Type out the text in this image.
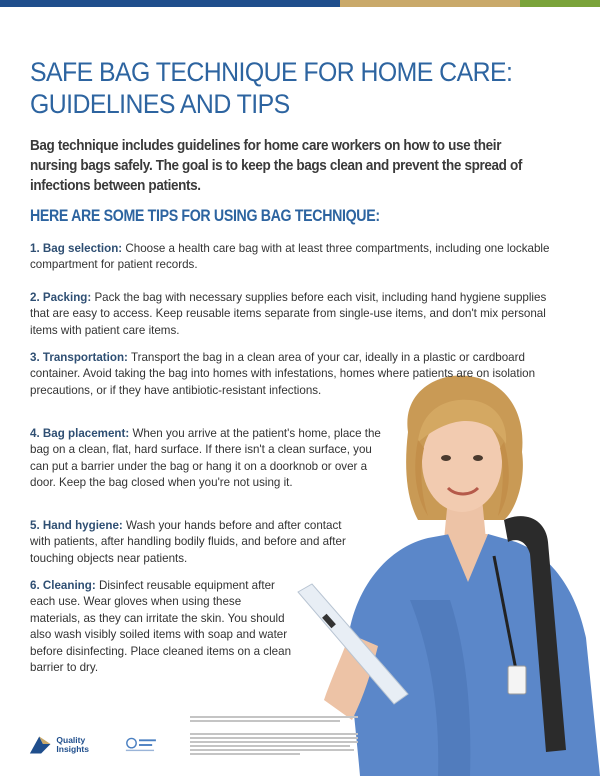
SAFE BAG TECHNIQUE FOR HOME CARE: GUIDELINES AND TIPS

Bag technique includes guidelines for home care workers on how to use their nursing bags safely. The goal is to keep the bags clean and prevent the spread of infections between patients.

HERE ARE SOME TIPS FOR USING BAG TECHNIQUE:

1. Bag selection: Choose a health care bag with at least three compartments, including one lockable compartment for patient records.

2. Packing: Pack the bag with necessary supplies before each visit, including hand hygiene supplies that are easy to access. Keep reusable items separate from single-use items, and don't mix personal items with patient care items.

3. Transportation: Transport the bag in a clean area of your car, ideally in a plastic or cardboard container. Avoid taking the bag into homes with infestations, homes where patients are on isolation precautions, or if they have antibiotic-resistant infections.

4. Bag placement: When you arrive at the patient's home, place the bag on a clean, flat, hard surface. If there isn't a clean surface, you can put a barrier under the bag or hang it on a doorknob or over a door. Keep the bag closed when you're not using it.

5. Hand hygiene: Wash your hands before and after contact with patients, after handling bodily fluids, and before and after touching objects near patients.

6. Cleaning: Disinfect reusable equipment after each use. Wear gloves when using these materials, as they can irritate the skin. You should also wash visibly soiled items with soap and water before disinfecting. Place cleaned items on a clean barrier to dry.

Quality Insights
